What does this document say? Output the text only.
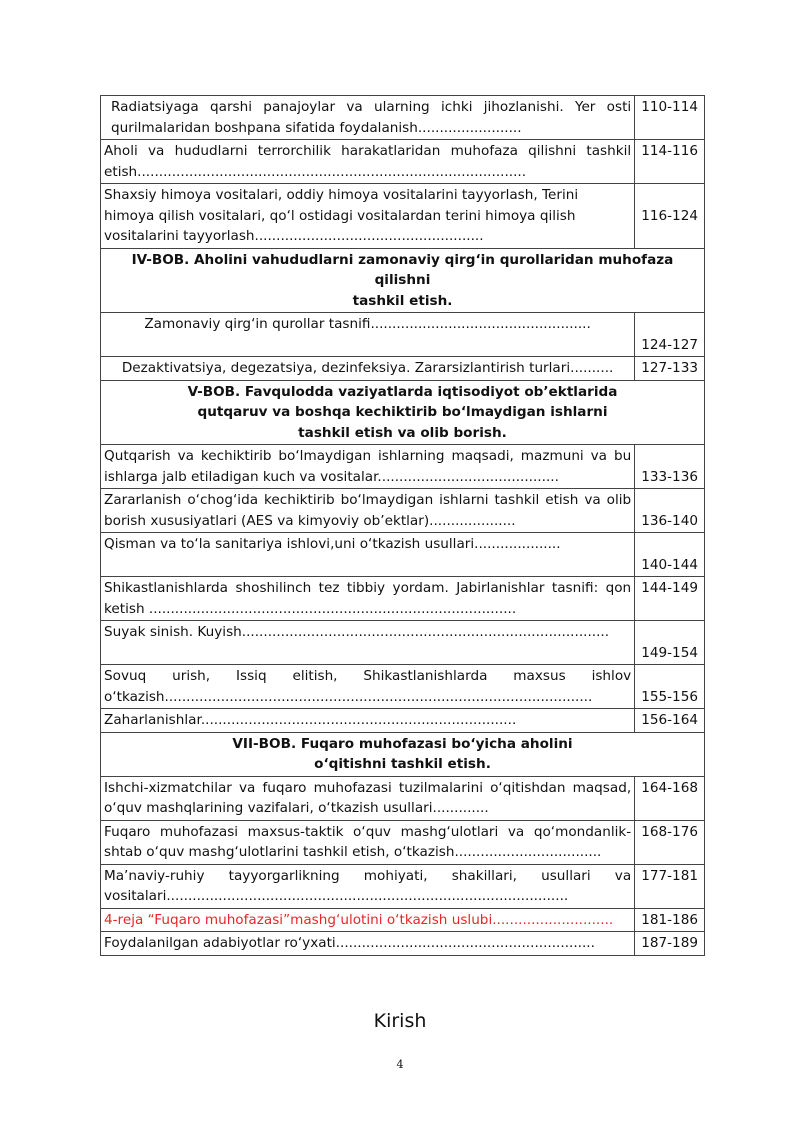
Radiatsiyaga qarshi panajoylar va ularning ichki jihozlanishi. Yer osti qurilmalaridan boshpana sifatida foydalanish........................	110-114
Aholi va hududlarni terrorchilik harakatlaridan muhofaza qilishni tashkil etish..........................................................................................	114-116
Shaxsiy himoya vositalari, oddiy himoya vositalarini tayyorlash, Terini himoya qilish vositalari, qo‘l ostidagi vositalardan terini himoya qilish vositalarini tayyorlash.....................................................	116-124

IV-BOB. Aholini vahududlarni zamonaviy qirg‘in qurollaridan muhofaza qilishni
tashkil etish.	

Zamonaviy qirg‘in qurollar tasnifi...................................................	124-127
Dezaktivatsiya, degezatsiya, dezinfeksiya. Zararsizlantirish turlari..........	127-133

V-BOB. Favqulodda vaziyatlarda iqtisodiyot ob’ektlarida
qutqaruv va boshqa kechiktirib bo‘lmaydigan ishlarni
tashkil etish va olib borish.	

Qutqarish va kechiktirib bo‘lmaydigan ishlarning maqsadi, mazmuni va bu ishlarga jalb etiladigan kuch va vositalar..........................................	133-136
Zararlanish o‘chog‘ida kechiktirib bo‘lmaydigan ishlarni tashkil etish va olib borish xususiyatlari (AES va kimyoviy ob’ektlar)....................	136-140
Qisman va to‘la sanitariya ishlovi,uni o‘tkazish usullari....................	140-144
Shikastlanishlarda shoshilinch tez tibbiy yordam. Jabirlanishlar tasnifi: qon ketish .....................................................................................	144-149
Suyak sinish. Kuyish.....................................................................................	149-154
Sovuq urish, Issiq elitish, Shikastlanishlarda maxsus ishlov o‘tkazish...................................................................................................	155-156
Zaharlanishlar.........................................................................	156-164

VII-BOB. Fuqaro muhofazasi bo‘yicha aholini
o‘qitishni tashkil etish.	

Ishchi-xizmatchilar va fuqaro muhofazasi tuzilmalarini o‘qitishdan maqsad, o‘quv mashqlarining vazifalari, o‘tkazish usullari.............	164-168
Fuqaro muhofazasi maxsus-taktik o‘quv mashg‘ulotlari va qo‘mondanlik-shtab o‘quv mashg‘ulotlarini tashkil etish, o‘tkazish..................................	168-176
Ma’naviy-ruhiy tayyorgarlikning mohiyati, shakillari, usullari va vositalari.............................................................................................	177-181
4-reja “Fuqaro muhofazasi”mashg‘ulotini o‘tkazish uslubi............................	181-186
Foydalanilgan adabiyotlar ro‘yxati............................................................	187-189
Kirish
4
